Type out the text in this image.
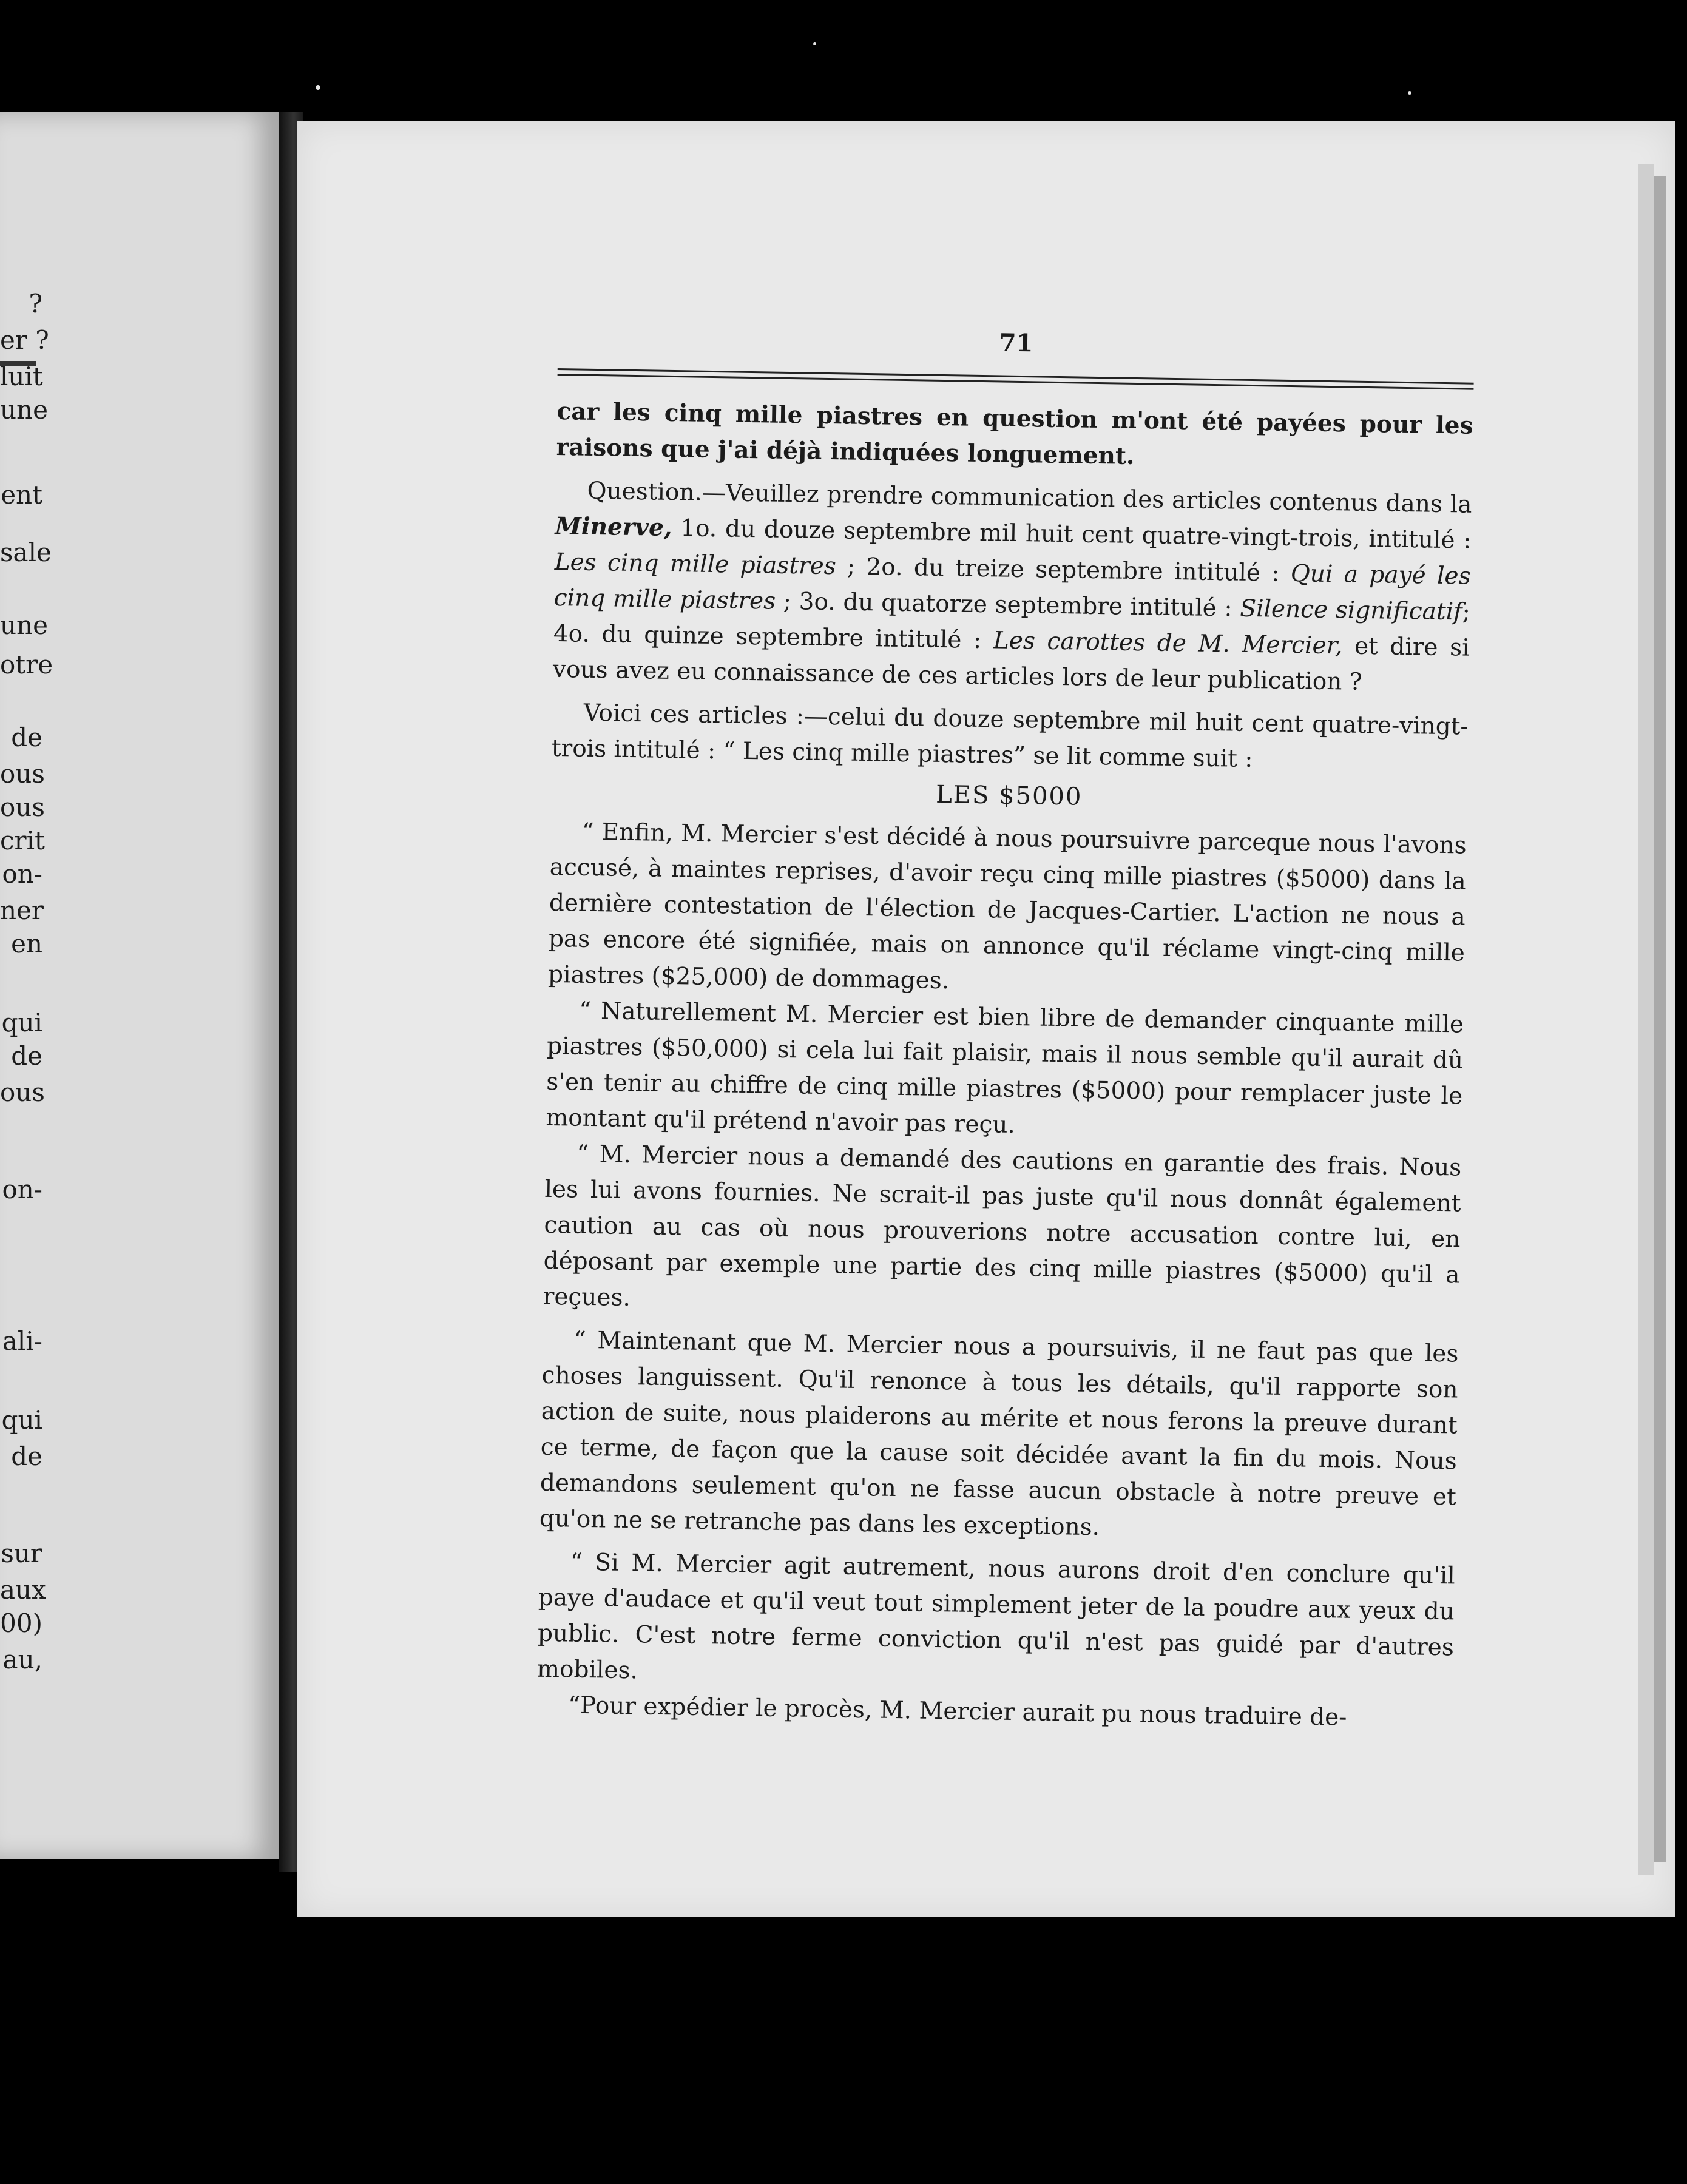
?
er ?
luit
une
ent
sale
une
otre
de
ous
ous
crit
on-
ner
en
qui
de
ous
on-
ali-
qui
de
sur
aux
00)
au,
71

car les cinq mille piastres en question m'ont été payées pour les raisons que j'ai déjà indiquées longuement.

Question.—Veuillez prendre communication des articles contenus dans la Minerve, 1o. du douze septembre mil huit cent quatre-vingt-trois, intitulé : Les cinq mille piastres ; 2o. du treize septembre intitulé : Qui a payé les cinq mille piastres ; 3o. du quatorze septembre intitulé : Silence significatif; 4o. du quinze septembre intitulé : Les carottes de M. Mercier, et dire si vous avez eu connaissance de ces articles lors de leur publication ?

Voici ces articles :—celui du douze septembre mil huit cent quatre-vingt-trois intitulé : “ Les cinq mille piastres” se lit comme suit :

LES $5000

“ Enfin, M. Mercier s'est décidé à nous poursuivre parceque nous l'avons accusé, à maintes reprises, d'avoir reçu cinq mille piastres ($5000) dans la dernière contestation de l'élection de Jacques-Cartier. L'action ne nous a pas encore été signifiée, mais on annonce qu'il réclame vingt-cinq mille piastres ($25,000) de dommages.

“ Naturellement M. Mercier est bien libre de demander cinquante mille piastres ($50,000) si cela lui fait plaisir, mais il nous semble qu'il aurait dû s'en tenir au chiffre de cinq mille piastres ($5000) pour remplacer juste le montant qu'il prétend n'avoir pas reçu.

“ M. Mercier nous a demandé des cautions en garantie des frais. Nous les lui avons fournies. Ne scrait-il pas juste qu'il nous donnât également caution au cas où nous prouverions notre accusation contre lui, en déposant par exemple une partie des cinq mille piastres ($5000) qu'il a reçues.

“ Maintenant que M. Mercier nous a poursuivis, il ne faut pas que les choses languissent. Qu'il renonce à tous les détails, qu'il rapporte son action de suite, nous plaiderons au mérite et nous ferons la preuve durant ce terme, de façon que la cause soit décidée avant la fin du mois. Nous demandons seulement qu'on ne fasse aucun obstacle à notre preuve et qu'on ne se retranche pas dans les exceptions.

“ Si M. Mercier agit autrement, nous aurons droit d'en conclure qu'il paye d'audace et qu'il veut tout simplement jeter de la poudre aux yeux du public. C'est notre ferme conviction qu'il n'est pas guidé par d'autres mobiles.

“Pour expédier le procès, M. Mercier aurait pu nous traduire de-
